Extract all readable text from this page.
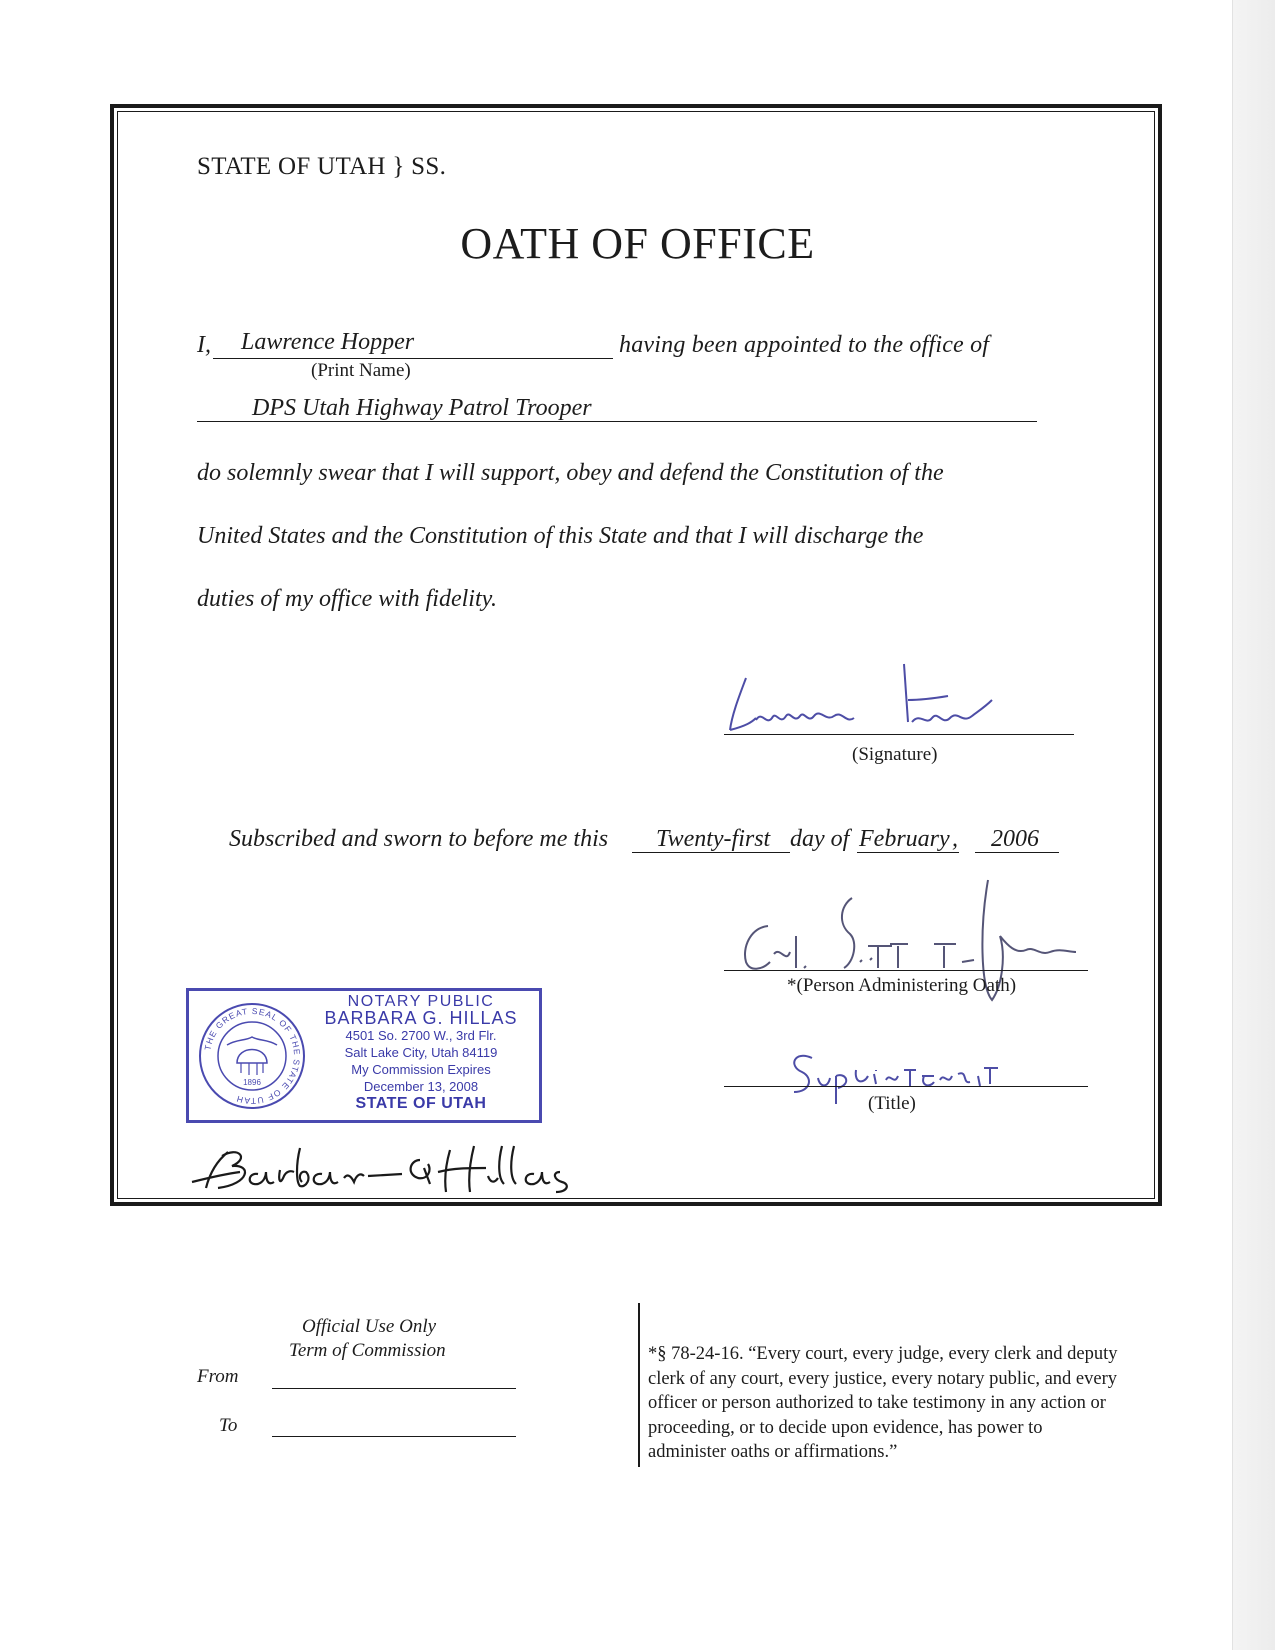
STATE OF UTAH } SS.
OATH OF OFFICE
I, Lawrence Hopper
(Print Name)
having been appointed to the office of
DPS Utah Highway Patrol Trooper
do solemnly swear that I will support, obey and defend the Constitution of the
United States and the Constitution of this State and that I will discharge the
duties of my office with fidelity.
(Signature)
Subscribed and sworn to before me this Twenty-first day of February , 2006
*(Person Administering Oath)
(Title)
THE GREAT SEAL OF THE STATE OF UTAH
1896
NOTARY PUBLIC
BARBARA G. HILLAS
4501 So. 2700 W., 3rd Flr.
Salt Lake City, Utah 84119
My Commission Expires
December 13, 2008
STATE OF UTAH
Official Use Only
Term of Commission
From
To
*§ 78-24-16. “Every court, every judge, every clerk and deputy clerk of any court, every justice, every notary public, and every officer or person authorized to take testimony in any action or proceeding, or to decide upon evidence, has power to administer oaths or affirmations.”
